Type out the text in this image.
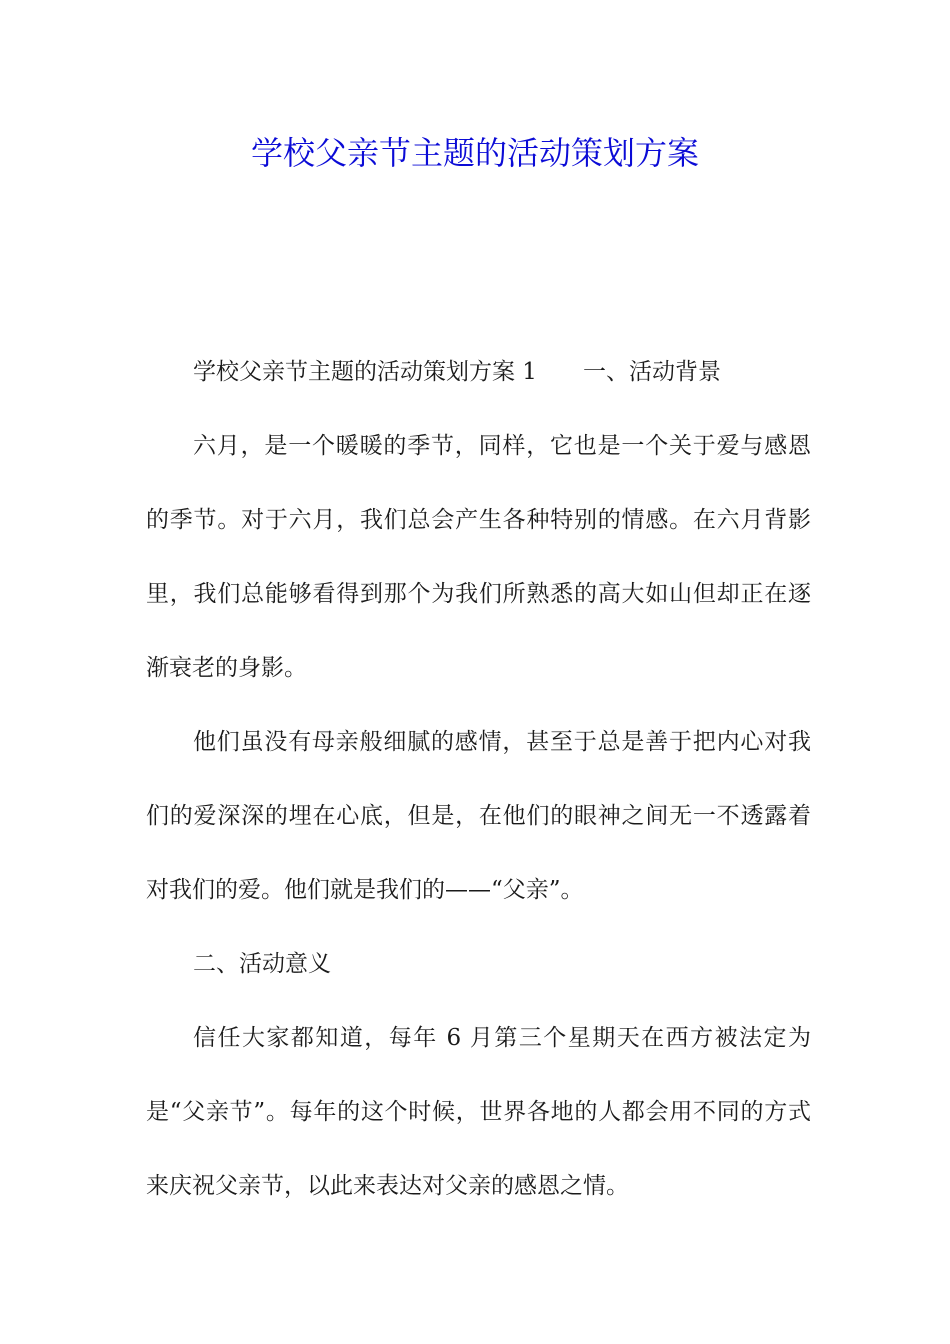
学校父亲节主题的活动策划方案

学校父亲节主题的活动策划方案 1 一、活动背景

六月，是一个暖暖的季节，同样，它也是一个关于爱与感恩的季节。对于六月，我们总会产生各种特别的情感。在六月背影里，我们总能够看得到那个为我们所熟悉的高大如山但却正在逐渐衰老的身影。

他们虽没有母亲般细腻的感情，甚至于总是善于把内心对我们的爱深深的埋在心底，但是，在他们的眼神之间无一不透露着对我们的爱。他们就是我们的——“父亲”。

二、活动意义

信任大家都知道，每年 6 月第三个星期天在西方被法定为是“父亲节”。每年的这个时候，世界各地的人都会用不同的方式来庆祝父亲节，以此来表达对父亲的感恩之情。
